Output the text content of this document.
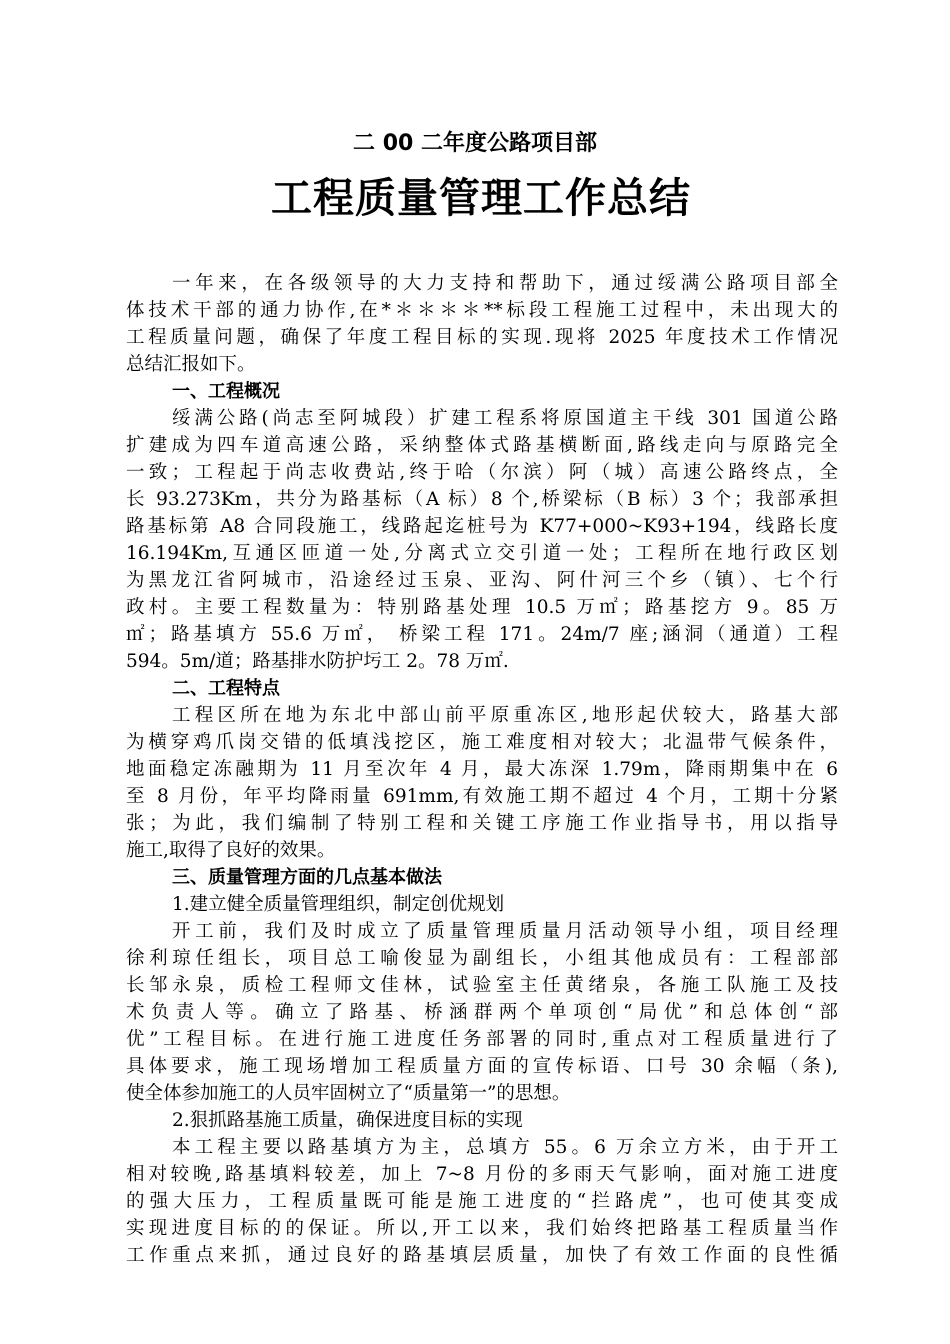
二 00 二年度公路项目部
工程质量管理工作总结
一年来，在各级领导的大力支持和帮助下，通过绥满公路项目部全
体技术干部的通力协作,在*＊＊＊＊**标段工程施工过程中，未出现大的
工程质量问题，确保了年度工程目标的实现.现将 2025 年度技术工作情况
总结汇报如下。
一、工程概况
绥满公路(尚志至阿城段）扩建工程系将原国道主干线 301 国道公路
扩建成为四车道高速公路，采纳整体式路基横断面,路线走向与原路完全
一致；工程起于尚志收费站,终于哈（尔滨）阿（城）高速公路终点，全
长 93.273Km，共分为路基标（A 标）8 个,桥梁标（B 标）3 个；我部承担
路基标第 A8 合同段施工，线路起迄桩号为 K77+000~K93+194，线路长度
16.194Km,互通区匝道一处,分离式立交引道一处；工程所在地行政区划
为黑龙江省阿城市，沿途经过玉泉、亚沟、阿什河三个乡（镇）、七个行
政村。主要工程数量为：特别路基处理 10.5 万㎡；路基挖方 9。85 万
㎡；路基填方 55.6 万㎡， 桥梁工程 171。24m/7 座;涵洞（通道）工程
594。5m/道；路基排水防护圬工 2。78 万㎡.
二、工程特点
工程区所在地为东北中部山前平原重冻区,地形起伏较大，路基大部
为横穿鸡爪岗交错的低填浅挖区，施工难度相对较大；北温带气候条件，
地面稳定冻融期为 11 月至次年 4 月，最大冻深 1.79m，降雨期集中在 6
至 8 月份，年平均降雨量 691mm,有效施工期不超过 4 个月，工期十分紧
张；为此，我们编制了特别工程和关键工序施工作业指导书，用以指导
施工,取得了良好的效果。
三、质量管理方面的几点基本做法
1.建立健全质量管理组织，制定创优规划
开工前，我们及时成立了质量管理质量月活动领导小组，项目经理
徐利琼任组长，项目总工喻俊显为副组长，小组其他成员有：工程部部
长邹永泉，质检工程师文佳林，试验室主任黄绪泉，各施工队施工及技
术负责人等。确立了路基、桥涵群两个单项创“局优”和总体创“部
优”工程目标。在进行施工进度任务部署的同时,重点对工程质量进行了
具体要求，施工现场增加工程质量方面的宣传标语、口号 30 余幅（条),
使全体参加施工的人员牢固树立了“质量第一”的思想。
2.狠抓路基施工质量，确保进度目标的实现
本工程主要以路基填方为主，总填方 55。6 万余立方米，由于开工
相对较晚,路基填料较差，加上 7~8 月份的多雨天气影响，面对施工进度
的强大压力，工程质量既可能是施工进度的“拦路虎”，也可使其变成
实现进度目标的的保证。所以,开工以来，我们始终把路基工程质量当作
工作重点来抓，通过良好的路基填层质量，加快了有效工作面的良性循
